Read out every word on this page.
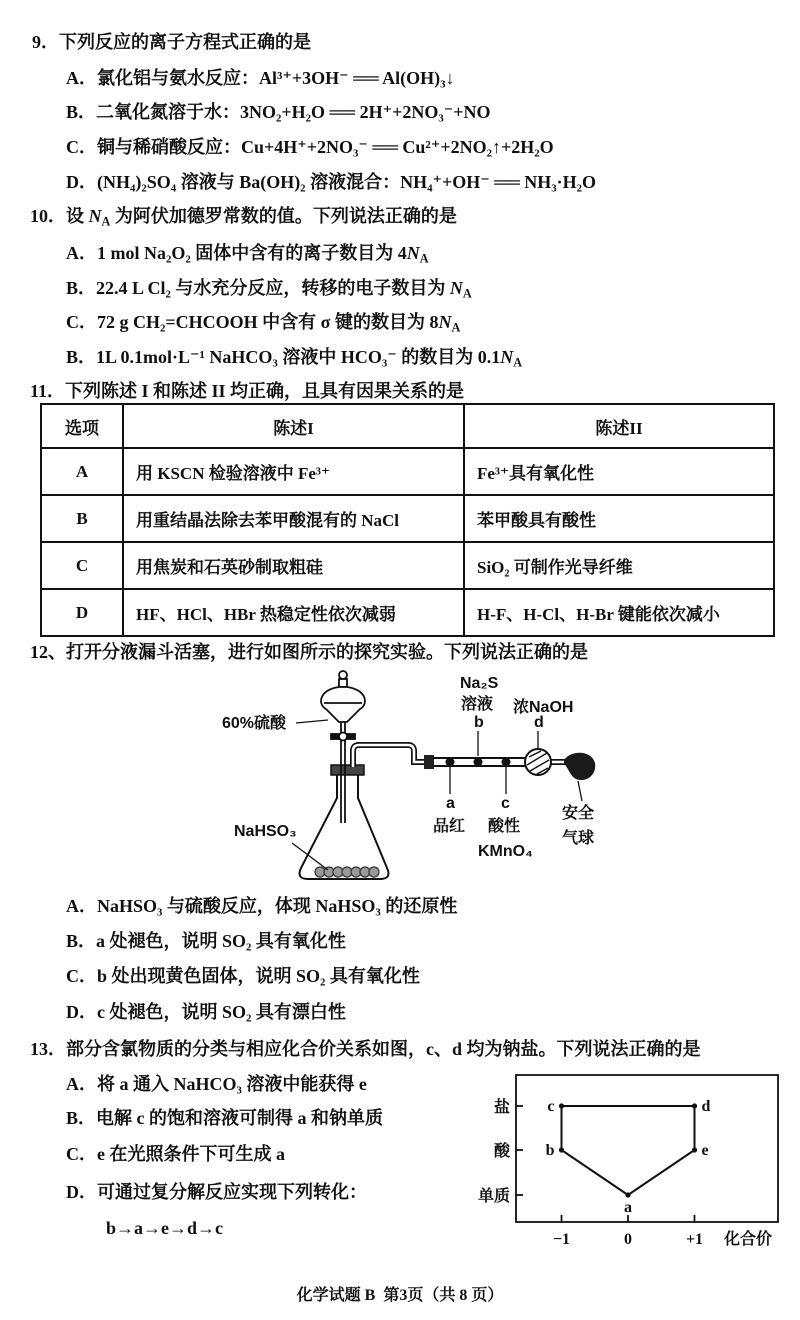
9．下列反应的离子方程式正确的是
A．氯化铝与氨水反应：Al³⁺+3OH⁻ ══ Al(OH)₃↓
B．二氧化氮溶于水：3NO₂+H₂O ══ 2H⁺+2NO₃⁻+NO
C．铜与稀硝酸反应：Cu+4H⁺+2NO₃⁻ ══ Cu²⁺+2NO₂↑+2H₂O
D．(NH₄)₂SO₄ 溶液与 Ba(OH)₂ 溶液混合：NH₄⁺+OH⁻ ══ NH₃·H₂O
10．设 $N_A$ 为阿伏加德罗常数的值。下列说法正确的是
A．1 mol Na₂O₂ 固体中含有的离子数目为 $4N_A$
B．22.4 L Cl₂ 与水充分反应，转移的电子数目为 $N_A$
C．72 g CH₂=CHCOOH 中含有 σ 键的数目为 $8N_A$
B．1L 0.1mol·L⁻¹ NaHCO₃ 溶液中 HCO₃⁻ 的数目为 $0.1N_A$
11．下列陈述 I 和陈述 II 均正确，且具有因果关系的是
选项	陈述I	陈述II
A	用 KSCN 检验溶液中 Fe³⁺	Fe³⁺具有氧化性
B	用重结晶法除去苯甲酸混有的 NaCl	苯甲酸具有酸性
C	用焦炭和石英砂制取粗硅	SiO₂ 可制作光导纤维
D	HF、HCl、HBr 热稳定性依次减弱	H-F、H-Cl、H-Br 键能依次减小
12、打开分液漏斗活塞，进行如图所示的探究实验。下列说法正确的是
60%硫酸
NaHSO₃
Na₂S
溶液
b
浓NaOH
d
a
品红
c
酸性
KMnO₄
安全
气球
A．NaHSO₃ 与硫酸反应，体现 NaHSO₃ 的还原性
B．a 处褪色，说明 SO₂ 具有氧化性
C．b 处出现黄色固体，说明 SO₂ 具有氧化性
D．c 处褪色，说明 SO₂ 具有漂白性
13．部分含氯物质的分类与相应化合价关系如图，c、d 均为钠盐。下列说法正确的是
A．将 a 通入 NaHCO₃ 溶液中能获得 e
B．电解 c 的饱和溶液可制得 a 和钠单质
C．e 在光照条件下可生成 a
D．可通过复分解反应实现下列转化：
b→a→e→d→c
盐
酸
单质
−1	0	+1 化合价
c	d
b	e
a
化学试题 B  第3页（共 8 页）
